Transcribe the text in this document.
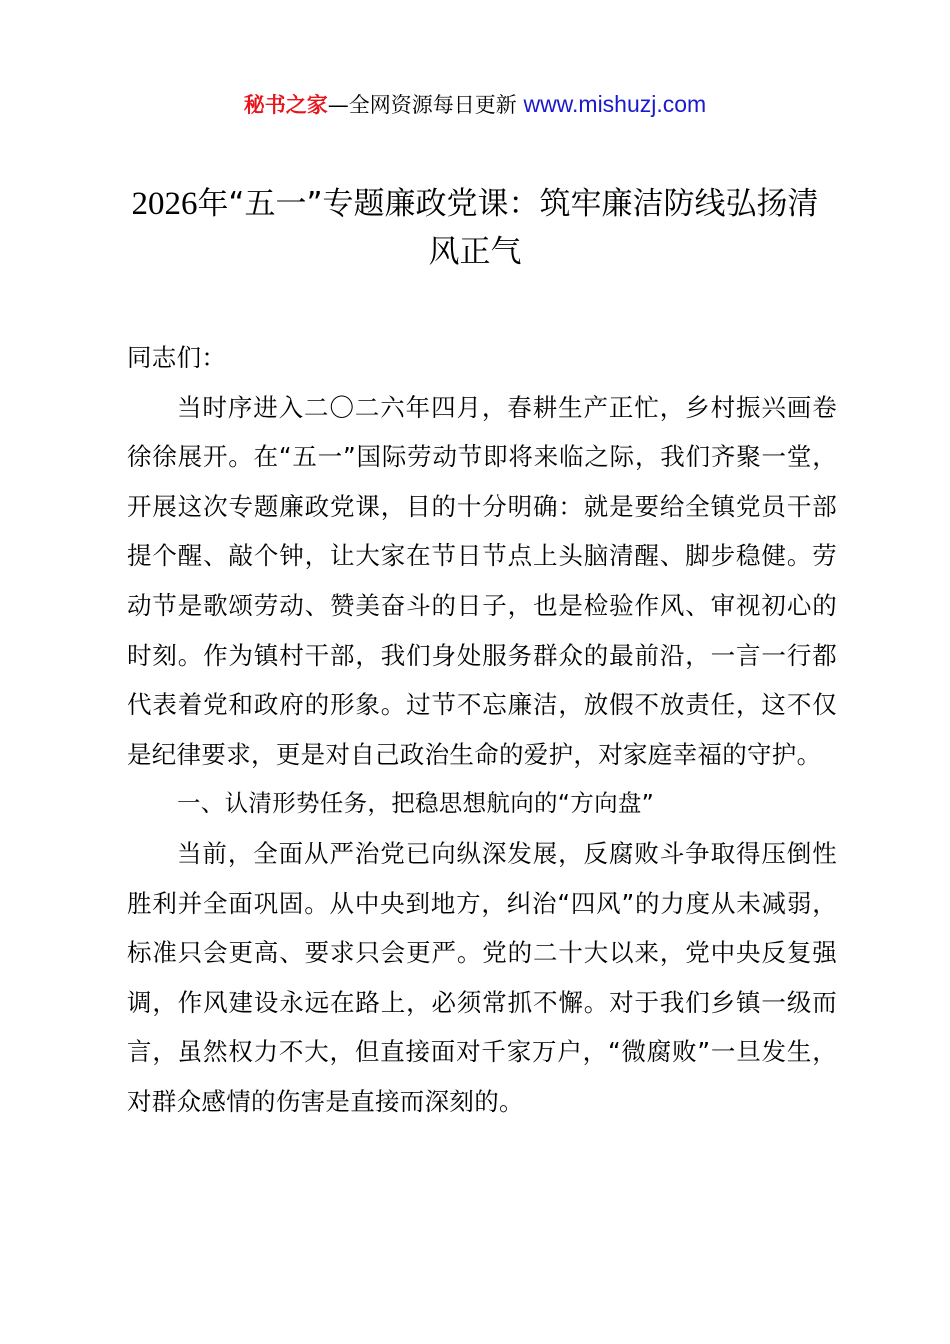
秘书之家—全网资源每日更新 www.mishuzj.com
2026年“五一”专题廉政党课：筑牢廉洁防线弘扬清风正气

同志们：

当时序进入二〇二六年四月，春耕生产正忙，乡村振兴画卷徐徐展开。在“五一”国际劳动节即将来临之际，我们齐聚一堂，开展这次专题廉政党课，目的十分明确：就是要给全镇党员干部提个醒、敲个钟，让大家在节日节点上头脑清醒、脚步稳健。劳动节是歌颂劳动、赞美奋斗的日子，也是检验作风、审视初心的时刻。作为镇村干部，我们身处服务群众的最前沿，一言一行都代表着党和政府的形象。过节不忘廉洁，放假不放责任，这不仅是纪律要求，更是对自己政治生命的爱护，对家庭幸福的守护。

一、认清形势任务，把稳思想航向的“方向盘”

当前，全面从严治党已向纵深发展，反腐败斗争取得压倒性胜利并全面巩固。从中央到地方，纠治“四风”的力度从未减弱，标准只会更高、要求只会更严。党的二十大以来，党中央反复强调，作风建设永远在路上，必须常抓不懈。对于我们乡镇一级而言，虽然权力不大，但直接面对千家万户，“微腐败”一旦发生，对群众感情的伤害是直接而深刻的。
